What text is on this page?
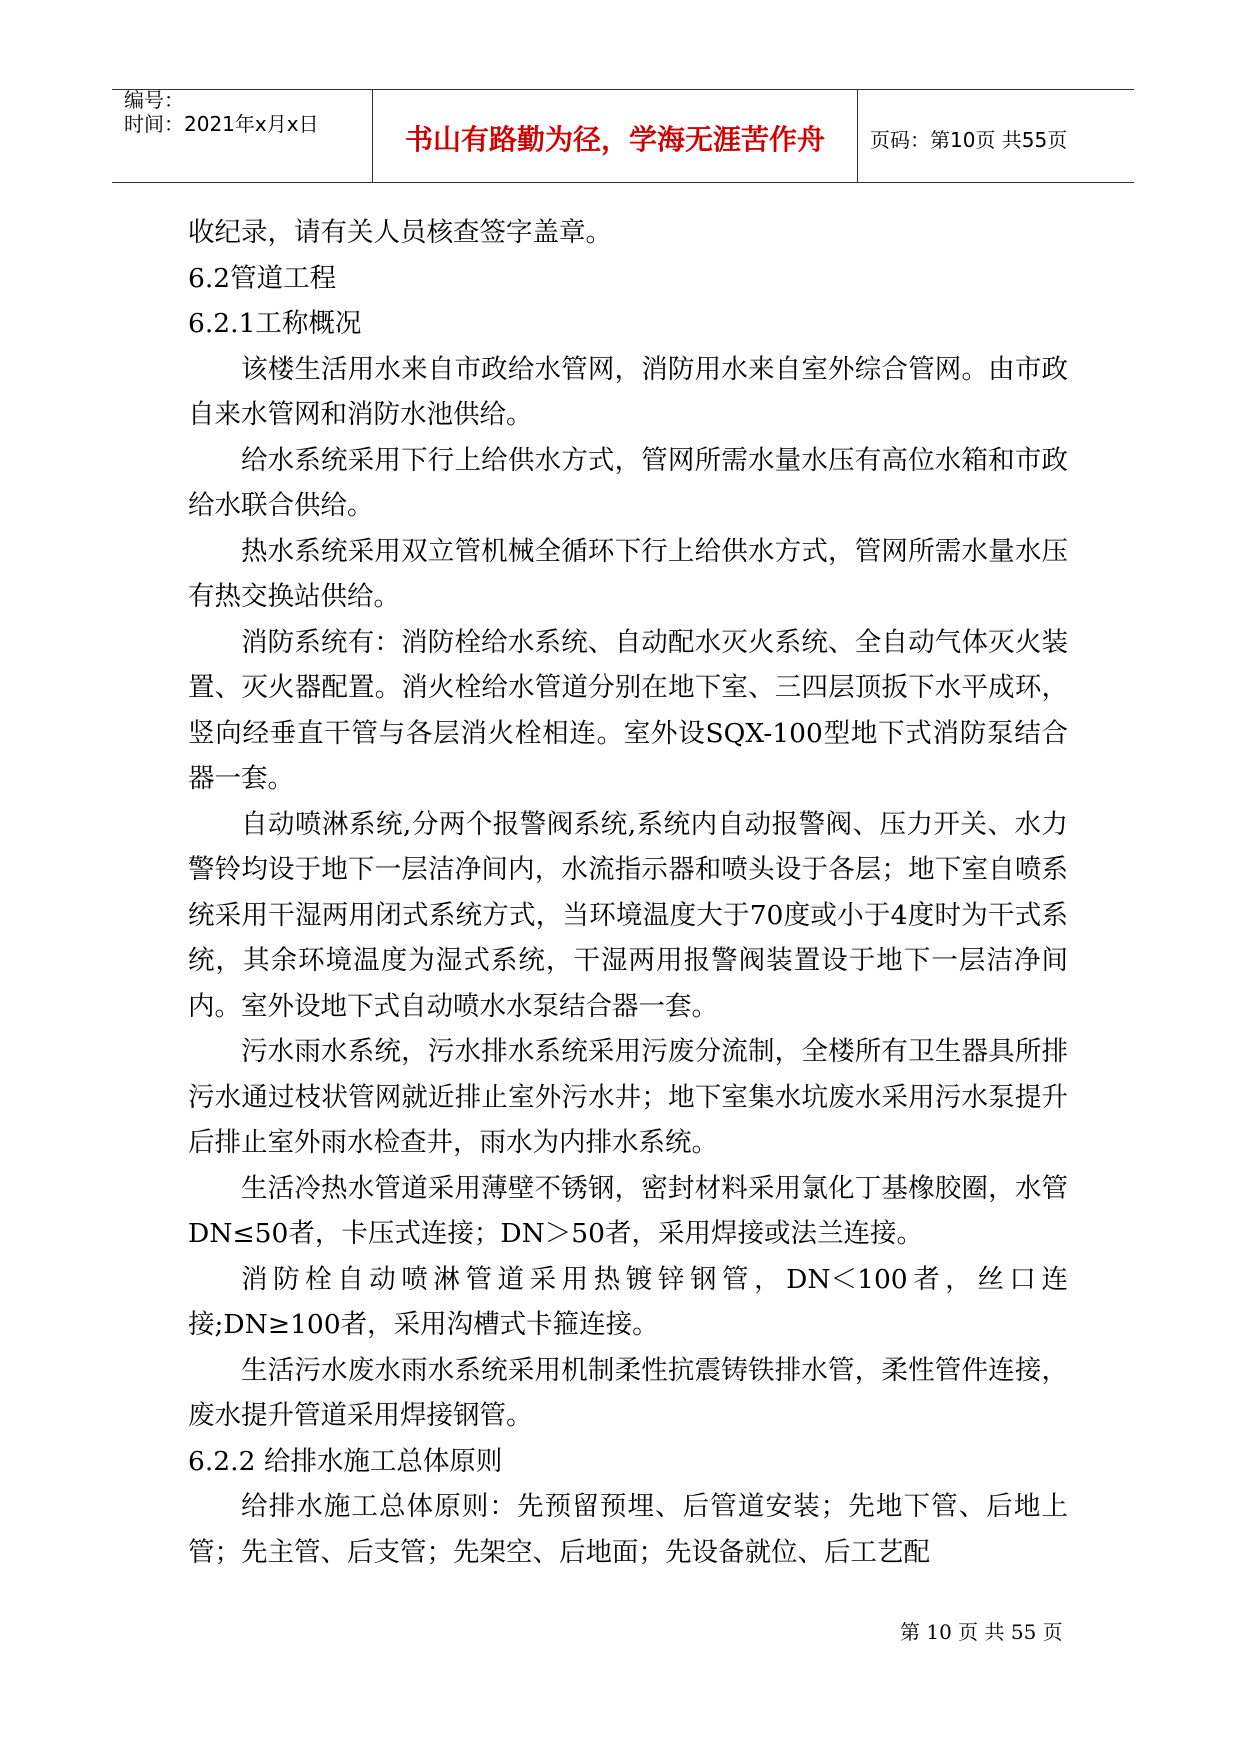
编号：
时间：2021年x月x日	书山有路勤为径，学海无涯苦作舟	页码：第10页 共55页

收纪录，请有关人员核查签字盖章。

6.2管道工程

6.2.1工称概况

该楼生活用水来自市政给水管网，消防用水来自室外综合管网。由市政自来水管网和消防水池供给。

给水系统采用下行上给供水方式，管网所需水量水压有高位水箱和市政给水联合供给。

热水系统采用双立管机械全循环下行上给供水方式，管网所需水量水压有热交换站供给。

消防系统有：消防栓给水系统、自动配水灭火系统、全自动气体灭火装置、灭火器配置。消火栓给水管道分别在地下室、三四层顶扳下水平成环，竖向经垂直干管与各层消火栓相连。室外设SQX-100型地下式消防泵结合器一套。

自动喷淋系统,分两个报警阀系统,系统内自动报警阀、压力开关、水力警铃均设于地下一层洁净间内，水流指示器和喷头设于各层；地下室自喷系统采用干湿两用闭式系统方式，当环境温度大于70度或小于4度时为干式系统，其余环境温度为湿式系统，干湿两用报警阀装置设于地下一层洁净间内。室外设地下式自动喷水水泵结合器一套。

污水雨水系统，污水排水系统采用污废分流制，全楼所有卫生器具所排污水通过枝状管网就近排止室外污水井；地下室集水坑废水采用污水泵提升后排止室外雨水检查井，雨水为内排水系统。

生活冷热水管道采用薄壁不锈钢，密封材料采用氯化丁基橡胶圈，水管DN≤50者，卡压式连接；DN＞50者，采用焊接或法兰连接。

消防栓自动喷淋管道采用热镀锌钢管，DN＜100者，丝口连接;DN≥100者，采用沟槽式卡箍连接。

生活污水废水雨水系统采用机制柔性抗震铸铁排水管，柔性管件连接，废水提升管道采用焊接钢管。

6.2.2 给排水施工总体原则

给排水施工总体原则：先预留预埋、后管道安装；先地下管、后地上管；先主管、后支管；先架空、后地面；先设备就位、后工艺配

第 10 页 共 55 页
